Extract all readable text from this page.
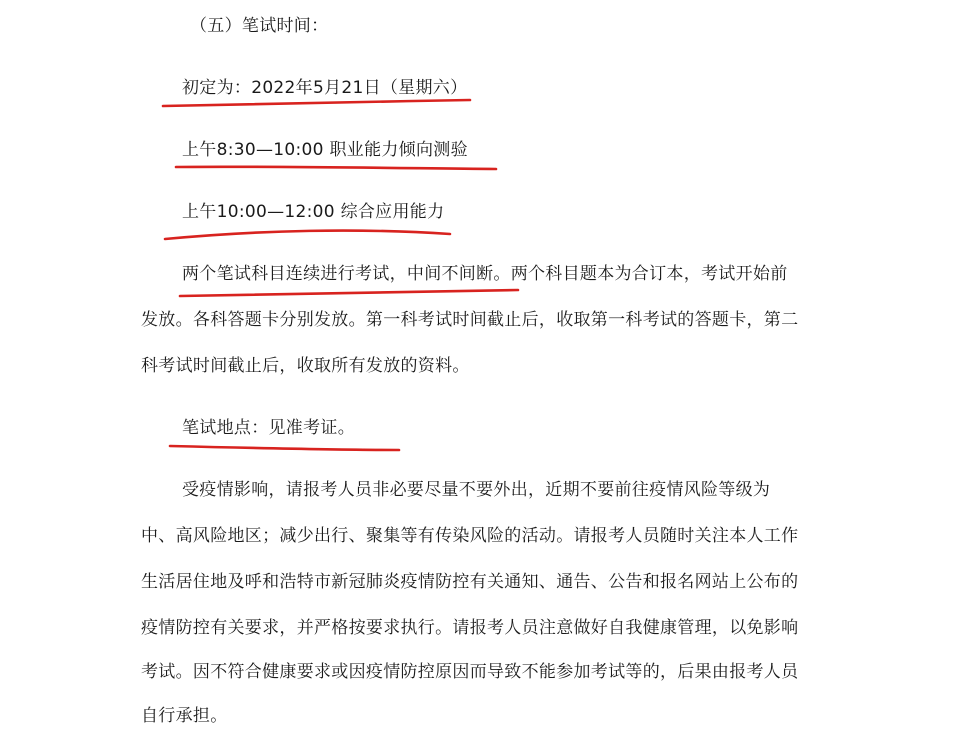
（五）笔试时间：
初定为：2022年5月21日（星期六）
上午8:30—10:00 职业能力倾向测验
上午10:00—12:00 综合应用能力
两个笔试科目连续进行考试，中间不间断。两个科目题本为合订本，考试开始前
发放。各科答题卡分别发放。第一科考试时间截止后，收取第一科考试的答题卡，第二
科考试时间截止后，收取所有发放的资料。
笔试地点：见准考证。
受疫情影响，请报考人员非必要尽量不要外出，近期不要前往疫情风险等级为
中、高风险地区；减少出行、聚集等有传染风险的活动。请报考人员随时关注本人工作
生活居住地及呼和浩特市新冠肺炎疫情防控有关通知、通告、公告和报名网站上公布的
疫情防控有关要求，并严格按要求执行。请报考人员注意做好自我健康管理，以免影响
考试。因不符合健康要求或因疫情防控原因而导致不能参加考试等的，后果由报考人员
自行承担。
